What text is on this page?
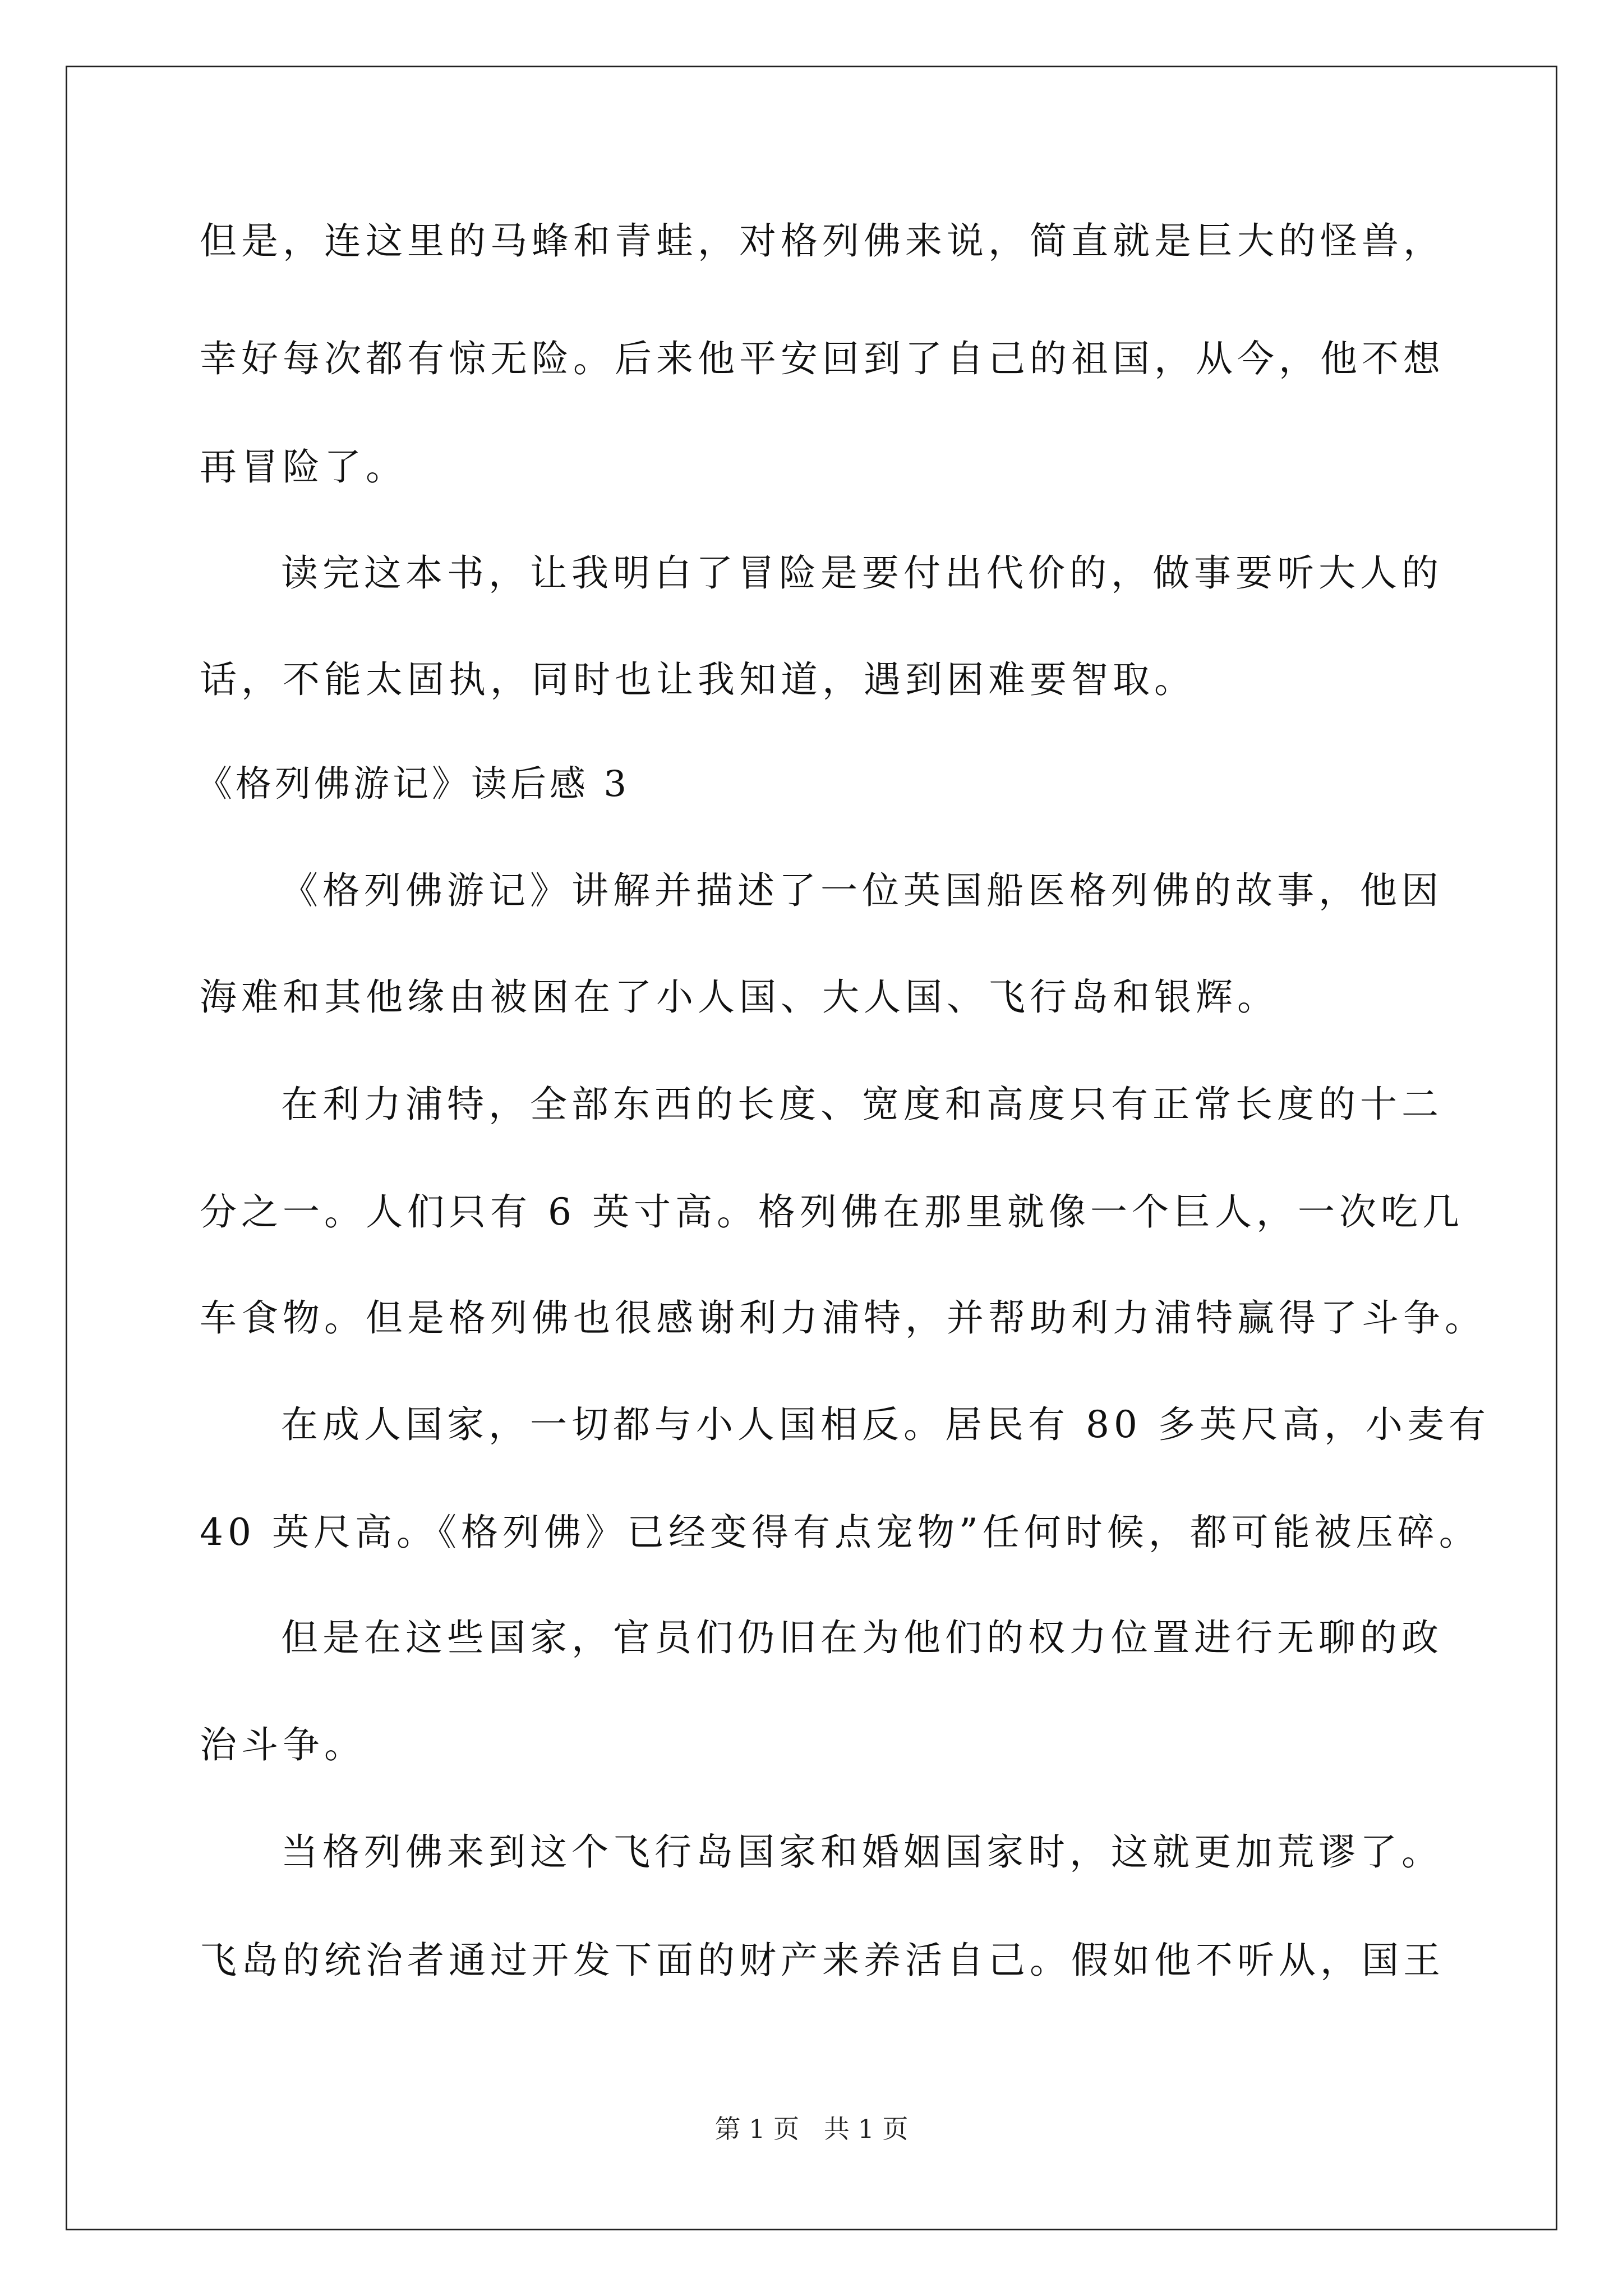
但是，连这里的马蜂和青蛙，对格列佛来说，简直就是巨大的怪兽，
幸好每次都有惊无险。后来他平安回到了自己的祖国，从今，他不想
再冒险了。
读完这本书，让我明白了冒险是要付出代价的，做事要听大人的
话，不能太固执，同时也让我知道，遇到困难要智取。
《格列佛游记》读后感 3
《格列佛游记》讲解并描述了一位英国船医格列佛的故事，他因
海难和其他缘由被困在了小人国、大人国、飞行岛和银辉。
在利力浦特，全部东西的长度、宽度和高度只有正常长度的十二
分之一。人们只有 6 英寸高。格列佛在那里就像一个巨人，一次吃几
车食物。但是格列佛也很感谢利力浦特，并帮助利力浦特赢得了斗争。
在成人国家，一切都与小人国相反。居民有 80 多英尺高，小麦有
40 英尺高。《格列佛》已经变得有点宠物”任何时候，都可能被压碎。
但是在这些国家，官员们仍旧在为他们的权力位置进行无聊的政
治斗争。
当格列佛来到这个飞行岛国家和婚姻国家时，这就更加荒谬了。
飞岛的统治者通过开发下面的财产来养活自己。假如他不听从，国王
第 1 页   共 1 页
